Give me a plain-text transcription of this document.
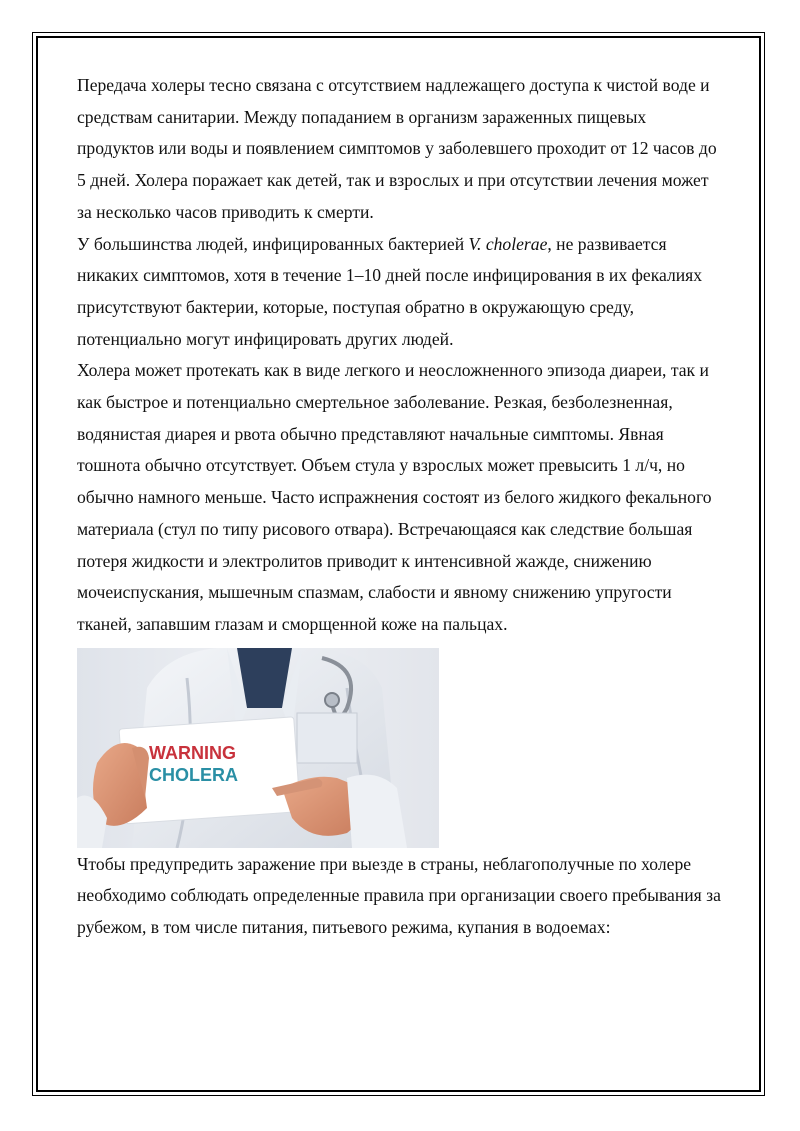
Передача холеры тесно связана с отсутствием надлежащего доступа к чистой воде и средствам санитарии. Между попаданием в организм зараженных пищевых продуктов или воды и появлением симптомов у заболевшего проходит от 12 часов до 5 дней. Холера поражает как детей, так и взрослых и при отсутствии лечения может за несколько часов приводить к смерти.

У большинства людей, инфицированных бактерией V. cholerae, не развивается никаких симптомов, хотя в течение 1–10 дней после инфицирования в их фекалиях присутствуют бактерии, которые, поступая обратно в окружающую среду, потенциально могут инфицировать других людей.

Холера может протекать как в виде легкого и неосложненного эпизода диареи, так и как быстрое и потенциально смертельное заболевание. Резкая, безболезненная, водянистая диарея и рвота обычно представляют начальные симптомы. Явная тошнота обычно отсутствует. Объем стула у взрослых может превысить 1 л/ч, но обычно намного меньше. Часто испражнения состоят из белого жидкого фекального материала (стул по типу рисового отвара). Встречающаяся как следствие большая потеря жидкости и электролитов приводит к интенсивной жажде, снижению мочеиспускания, мышечным спазмам, слабости и явному снижению упругости тканей, запавшим глазам и сморщенной коже на пальцах.

WARNING
CHOLERA

Чтобы предупредить заражение при выезде в страны, неблагополучные по холере необходимо соблюдать определенные правила при организации своего пребывания за рубежом, в том числе питания, питьевого режима, купания в водоемах:
